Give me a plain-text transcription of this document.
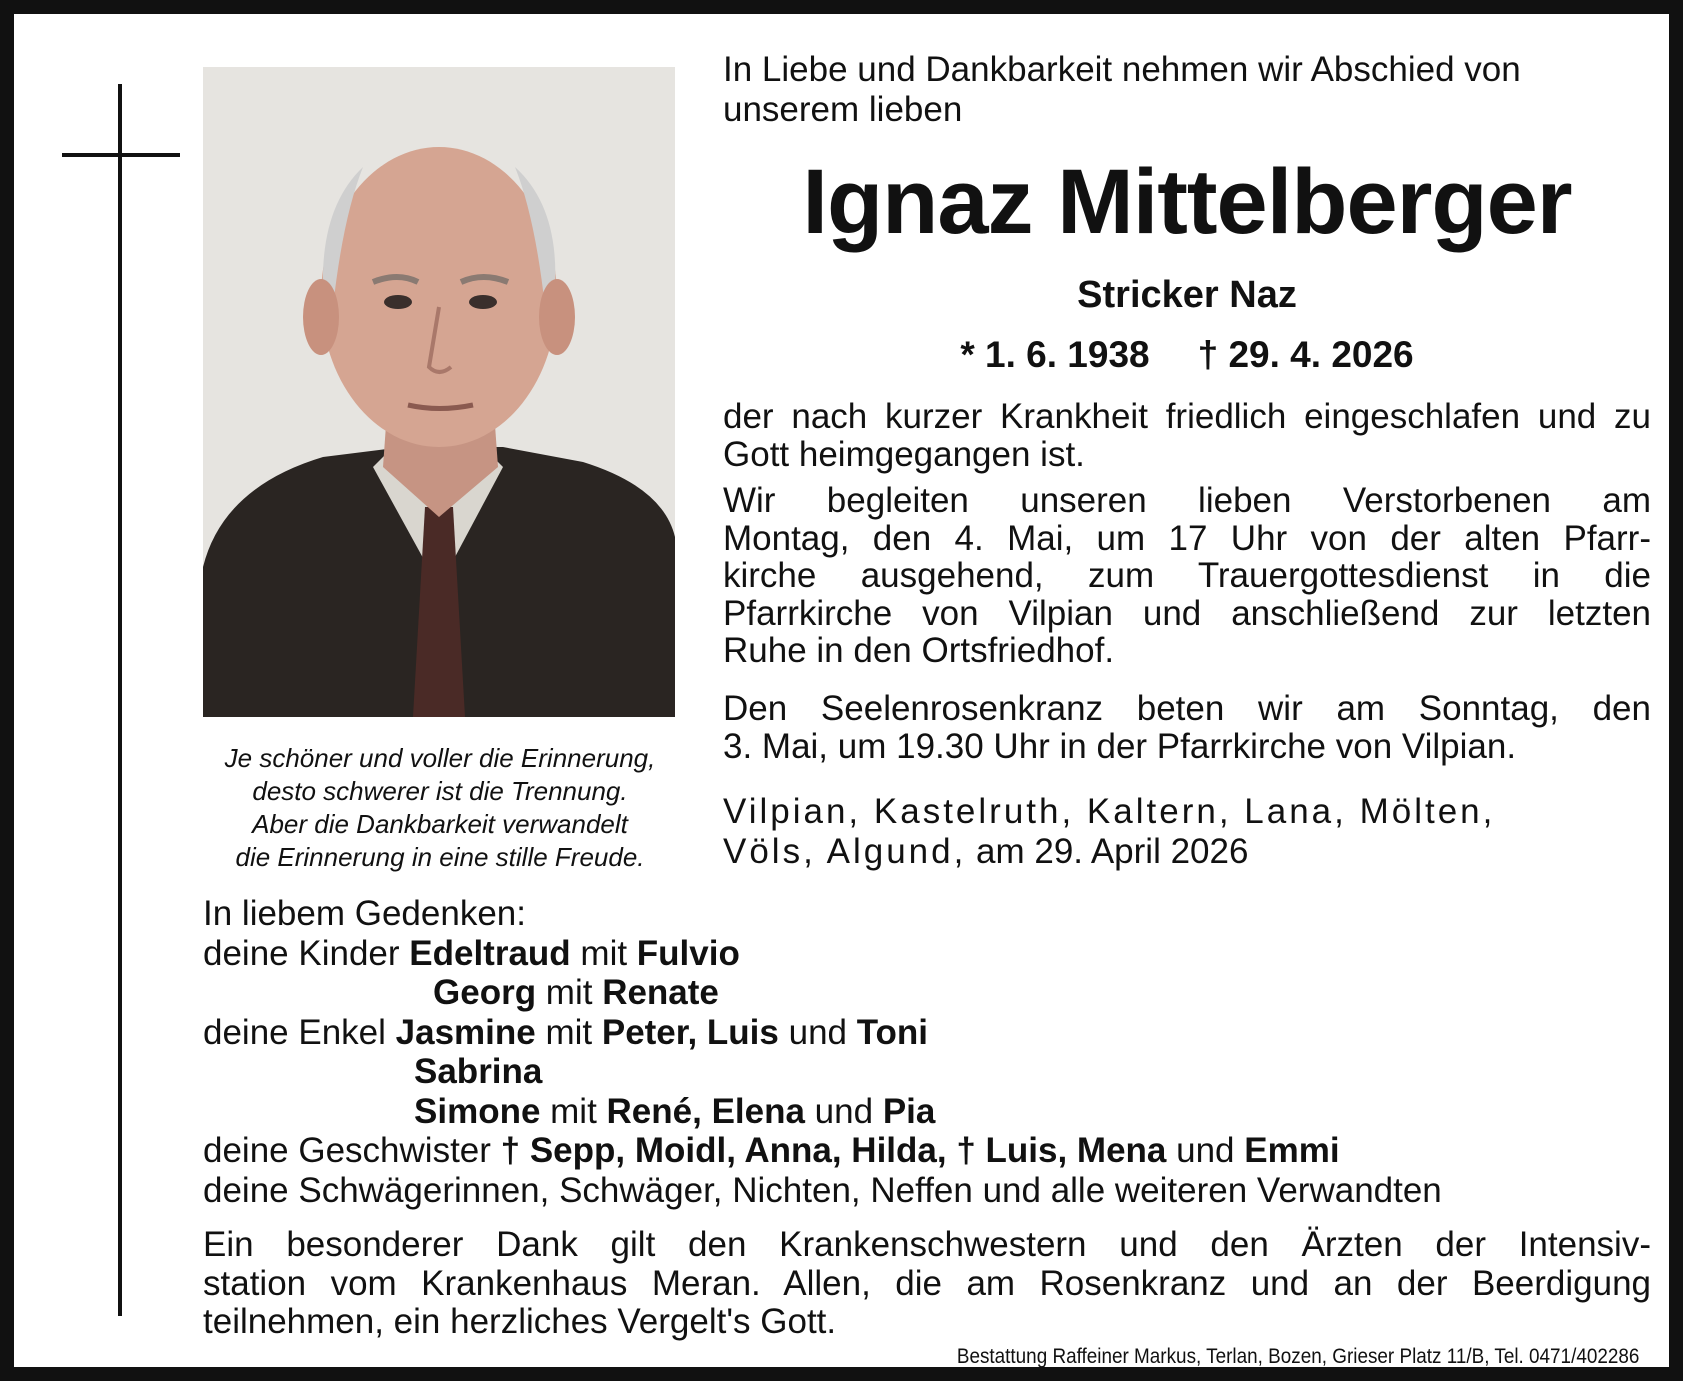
Je schöner und voller die Erinnerung,
desto schwerer ist die Trennung.
Aber die Dankbarkeit verwandelt
die Erinnerung in eine stille Freude.
In Liebe und Dankbarkeit nehmen wir Abschied von
unserem lieben
Ignaz Mittelberger
Stricker Naz
* 1. 6. 1938 † 29. 4. 2026
der nach kurzer Krankheit friedlich eingeschlafen und zu Gott heimgegangen ist.
Wir begleiten unseren lieben Verstorbenen am
Montag, den 4. Mai, um 17 Uhr von der alten Pfarr-
kirche ausgehend, zum Trauergottesdienst in die
Pfarrkirche von Vilpian und anschließend zur letzten
Ruhe in den Ortsfriedhof.
Den Seelenrosenkranz beten wir am Sonntag, den
3. Mai, um 19.30 Uhr in der Pfarrkirche von Vilpian.
Vilpian, Kastelruth, Kaltern, Lana, Mölten,
Völs, Algund, am 29. April 2026
In liebem Gedenken:
deine Kinder Edeltraud mit Fulvio
Georg mit Renate
deine Enkel Jasmine mit Peter, Luis und Toni
Sabrina
Simone mit René, Elena und Pia
deine Geschwister † Sepp, Moidl, Anna, Hilda, † Luis, Mena und Emmi
deine Schwägerinnen, Schwäger, Nichten, Neffen und alle weiteren Verwandten
Ein besonderer Dank gilt den Krankenschwestern und den Ärzten der Intensiv-
station vom Krankenhaus Meran. Allen, die am Rosenkranz und an der Beerdigung
teilnehmen, ein herzliches Vergelt's Gott.
Bestattung Raffeiner Markus, Terlan, Bozen, Grieser Platz 11/B, Tel. 0471/402286
